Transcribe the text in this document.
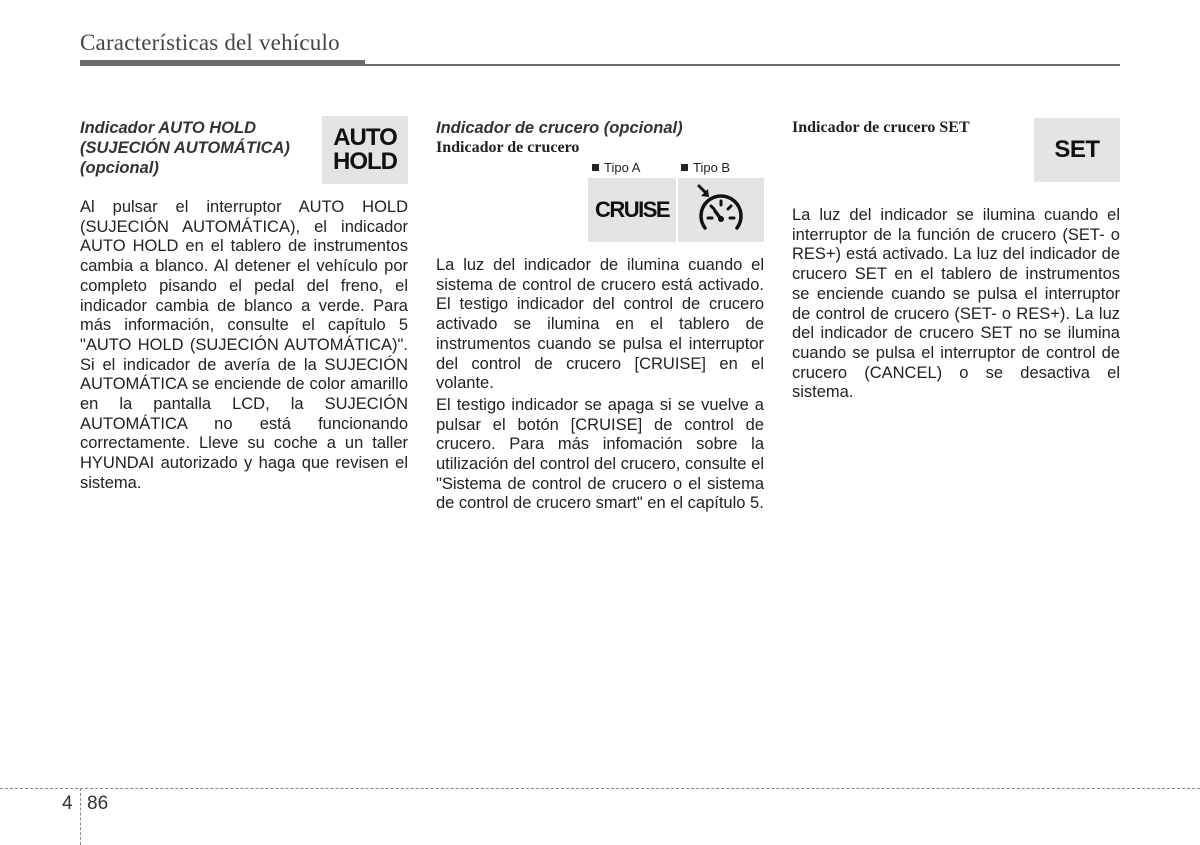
Características del vehículo
Indicador AUTO HOLD
(SUJECIÓN AUTOMÁTICA)
(opcional)

Al pulsar el interruptor AUTO HOLD (SUJECIÓN AUTOMÁTICA), el indicador AUTO HOLD en el tablero de instrumentos cambia a blanco. Al detener el vehículo por completo pisando el pedal del freno, el indicador cambia de blanco a verde. Para más información, consulte el capítulo 5 "AUTO HOLD (SUJECIÓN AUTOMÁTICA)". Si el indicador de avería de la SUJECIÓN AUTOMÁTICA se enciende de color amarillo en la pantalla LCD, la SUJECIÓN AUTOMÁTICA no está funcionando correctamente. Lleve su coche a un taller HYUNDAI autorizado y haga que revisen el sistema.

AUTO
HOLD
Indicador de crucero (opcional)
Indicador de crucero

La luz del indicador de ilumina cuando el sistema de control de crucero está activado. El testigo indicador del control de crucero activado se ilumina en el tablero de instrumentos cuando se pulsa el interruptor del control de crucero [CRUISE] en el volante.

El testigo indicador se apaga si se vuelve a pulsar el botón [CRUISE] de control de crucero. Para más infomación sobre la utilización del control del crucero, consulte el "Sistema de control de crucero o el sistema de control de crucero smart" en el capítulo 5.

Tipo A	Tipo B
CRUISE
Indicador de crucero SET

La luz del indicador se ilumina cuando el interruptor de la función de crucero (SET- o RES+) está activado. La luz del indicador de crucero SET en el tablero de instrumentos se enciende cuando se pulsa el interruptor de control de crucero (SET- o RES+). La luz del indicador de crucero SET no se ilumina cuando se pulsa el interruptor de control de crucero (CANCEL) o se desactiva el sistema.

SET
4 86
